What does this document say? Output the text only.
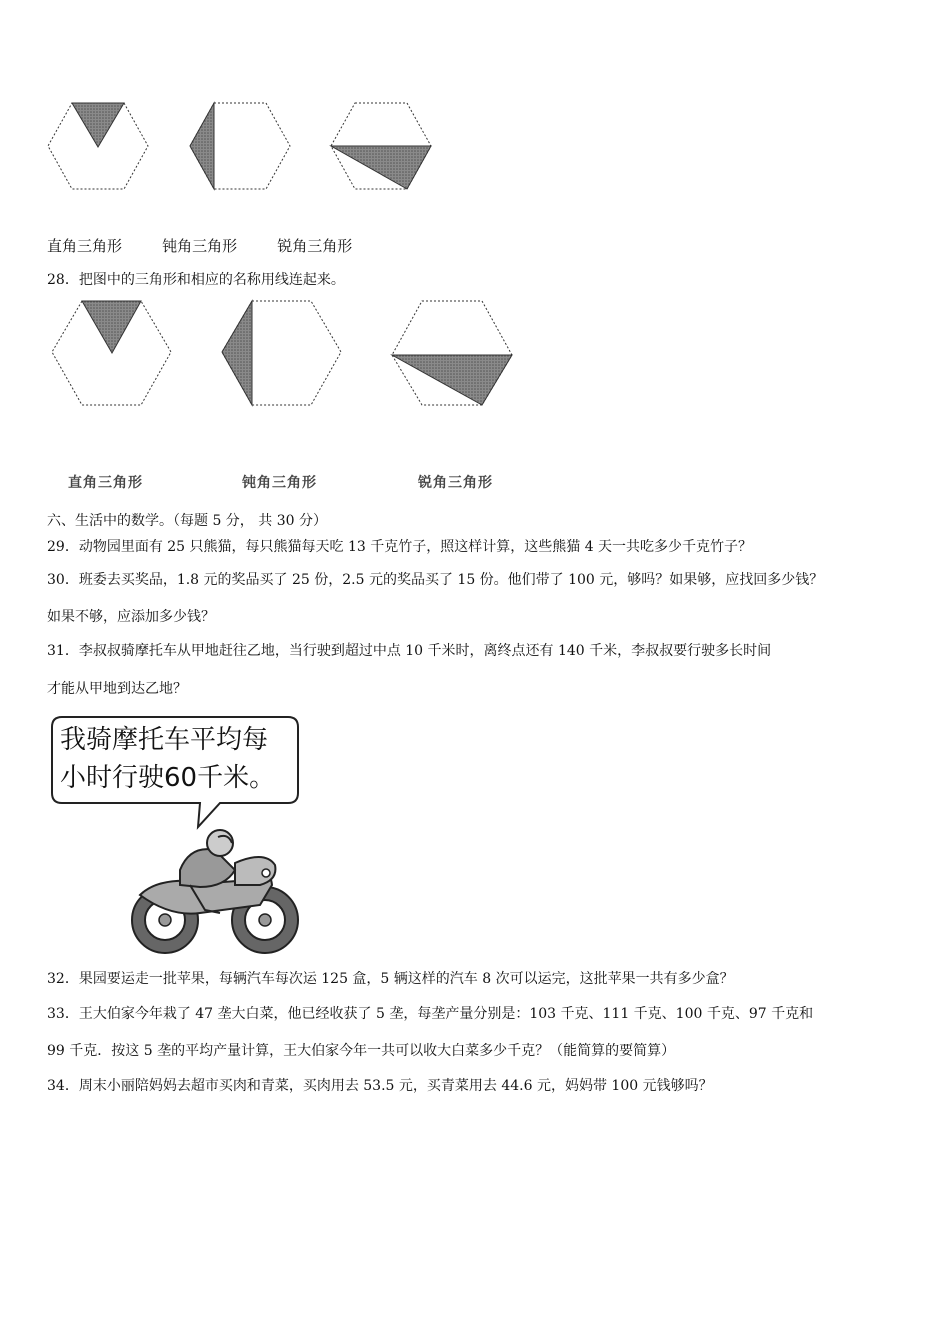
直角三角形	钝角三角形	锐角三角形
28．把图中的三角形和相应的名称用线连起来。
直角三角形	钝角三角形	锐角三角形
六、生活中的数学。（每题 5 分， 共 30 分）
29．动物园里面有 25 只熊猫，每只熊猫每天吃 13 千克竹子，照这样计算，这些熊猫 4 天一共吃多少千克竹子？
30．班委去买奖品，1.8 元的奖品买了 25 份，2.5 元的奖品买了 15 份。他们带了 100 元，够吗？如果够，应找回多少钱？
如果不够，应添加多少钱？
31．李叔叔骑摩托车从甲地赶往乙地，当行驶到超过中点 10 千米时，离终点还有 140 千米，李叔叔要行驶多长时间
才能从甲地到达乙地？
我骑摩托车平均每
小时行驶60千米。
32．果园要运走一批苹果，每辆汽车每次运 125 盒，5 辆这样的汽车 8 次可以运完，这批苹果一共有多少盒？
33．王大伯家今年栽了 47 垄大白菜，他已经收获了 5 垄，每垄产量分别是：103 千克、111 千克、100 千克、97 千克和
99 千克．按这 5 垄的平均产量计算，王大伯家今年一共可以收大白菜多少千克？（能简算的要简算）
34．周末小丽陪妈妈去超市买肉和青菜，买肉用去 53.5 元，买青菜用去 44.6 元，妈妈带 100 元钱够吗？
